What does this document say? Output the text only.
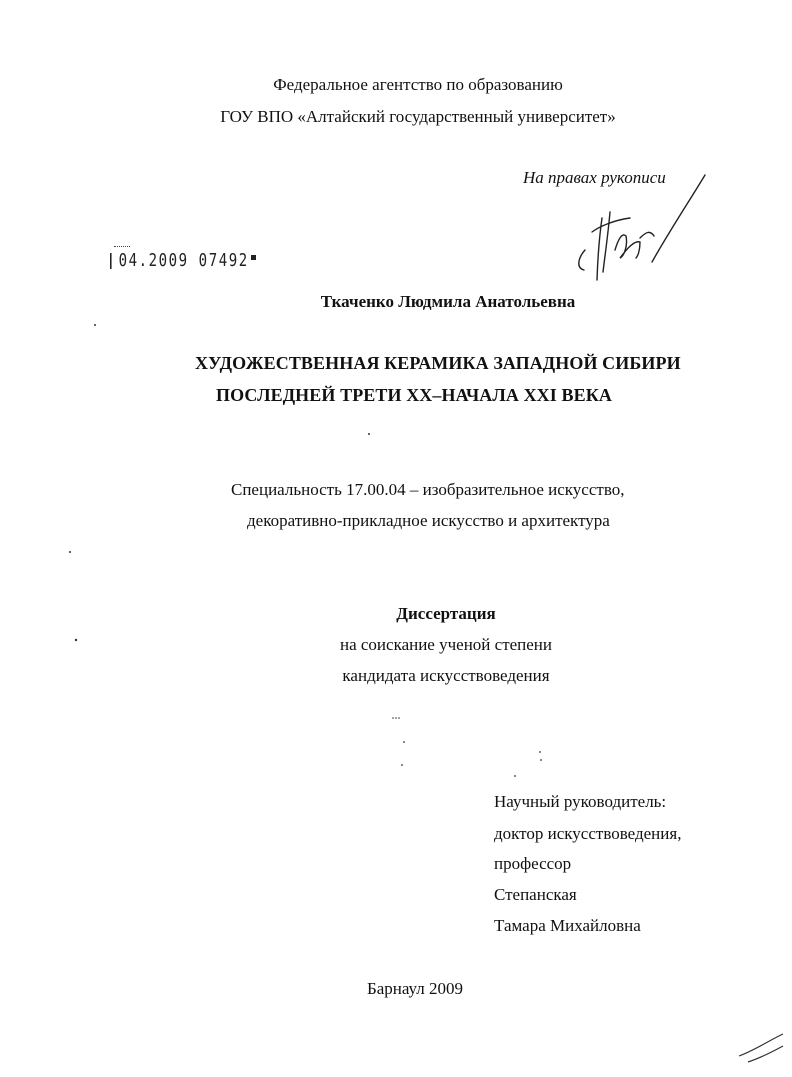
Федеральное агентство по образованию
ГОУ ВПО «Алтайский государственный университет»
На правах рукописи
04.2009 07492
Ткаченко Людмила Анатольевна
ХУДОЖЕСТВЕННАЯ КЕРАМИКА ЗАПАДНОЙ СИБИРИ
ПОСЛЕДНЕЙ ТРЕТИ XX–НАЧАЛА XXI ВЕКА
Специальность 17.00.04 – изобразительное искусство,
декоративно-прикладное искусство и архитектура
Диссертация
на соискание ученой степени
кандидата искусствоведения
Научный руководитель:
доктор искусствоведения,
профессор
Степанская
Тамара Михайловна
Барнаул 2009
